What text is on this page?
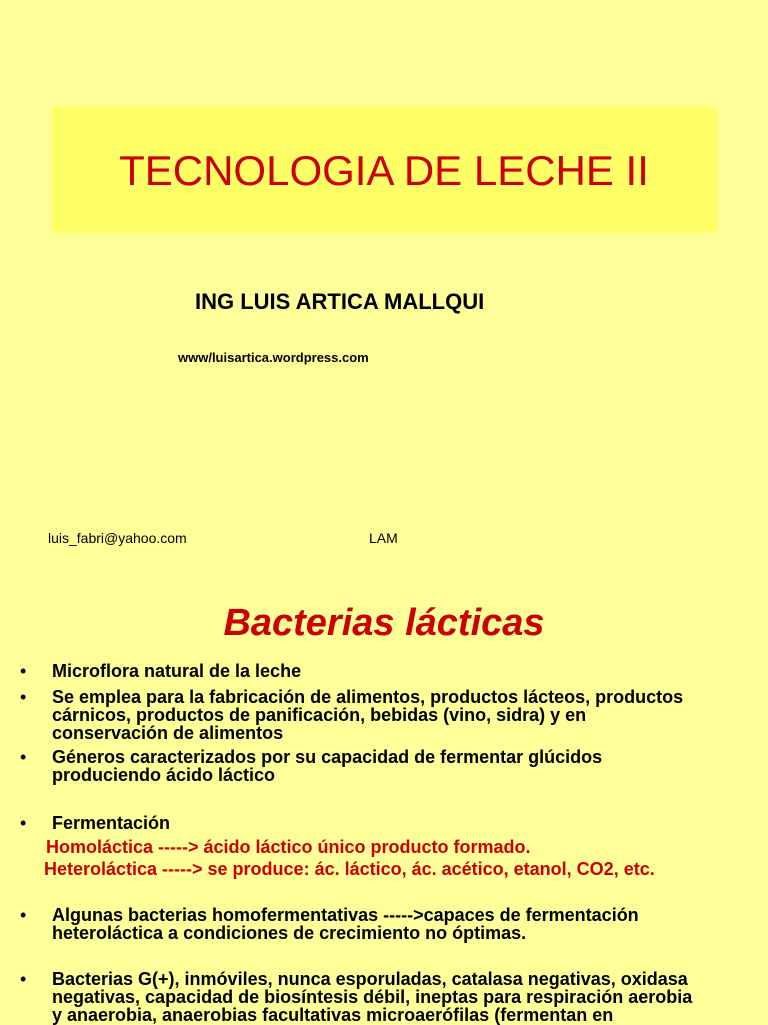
TECNOLOGIA DE LECHE II
ING LUIS ARTICA MALLQUI
www/luisartica.wordpress.com
luis_fabri@yahoo.com	LAM
Bacterias lácticas
• Microflora natural de la leche
• Se emplea para la fabricación de alimentos, productos lácteos, productos
cárnicos, productos de panificación, bebidas (vino, sidra) y en
conservación de alimentos
• Géneros caracterizados por su capacidad de fermentar glúcidos
produciendo ácido láctico
• Fermentación
Homoláctica -----> ácido láctico único producto formado.
Heteroláctica -----> se produce: ác. láctico, ác. acético, etanol, CO2, etc.
• Algunas bacterias homofermentativas ----->capaces de fermentación
heteroláctica a condiciones de crecimiento no óptimas.
• Bacterias G(+), inmóviles, nunca esporuladas, catalasa negativas, oxidasa
negativas, capacidad de biosíntesis débil, ineptas para respiración aerobia
y anaerobia, anaerobias facultativas microaerófilas (fermentan en
